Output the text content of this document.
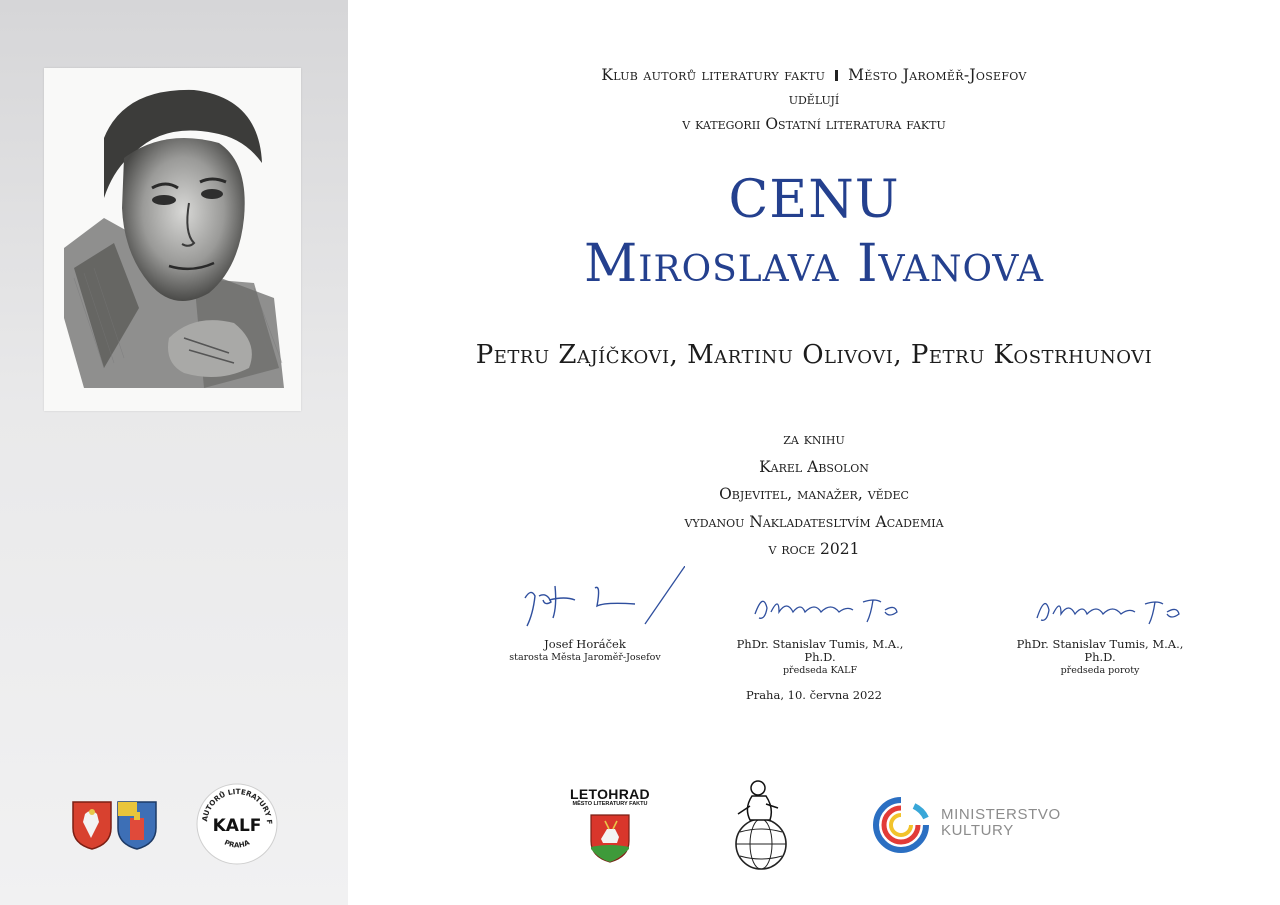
AUTORŮ LITERATURY F
PRAHA
KALF
Klub autorů literatury faktu Město Jaroměř-Josefov
udělují
v kategorii Ostatní literatura faktu
CENU
Miroslava Ivanova
Petru Zajíčkovi, Martinu Olivovi, Petru Kostrhunovi
za knihu
Karel Absolon
Objevitel, manažer, vědec
vydanou Nakladatesltvím Academia
v roce 2021
Josef Horáček
starosta Města Jaroměř-Josefov
PhDr. Stanislav Tumis, M.A., Ph.D.
předseda KALF
PhDr. Stanislav Tumis, M.A., Ph.D.
předseda poroty
Praha, 10. června 2022
LETOHRAD
MĚSTO LITERATURY FAKTU
MINISTERSTVO
KULTURY
